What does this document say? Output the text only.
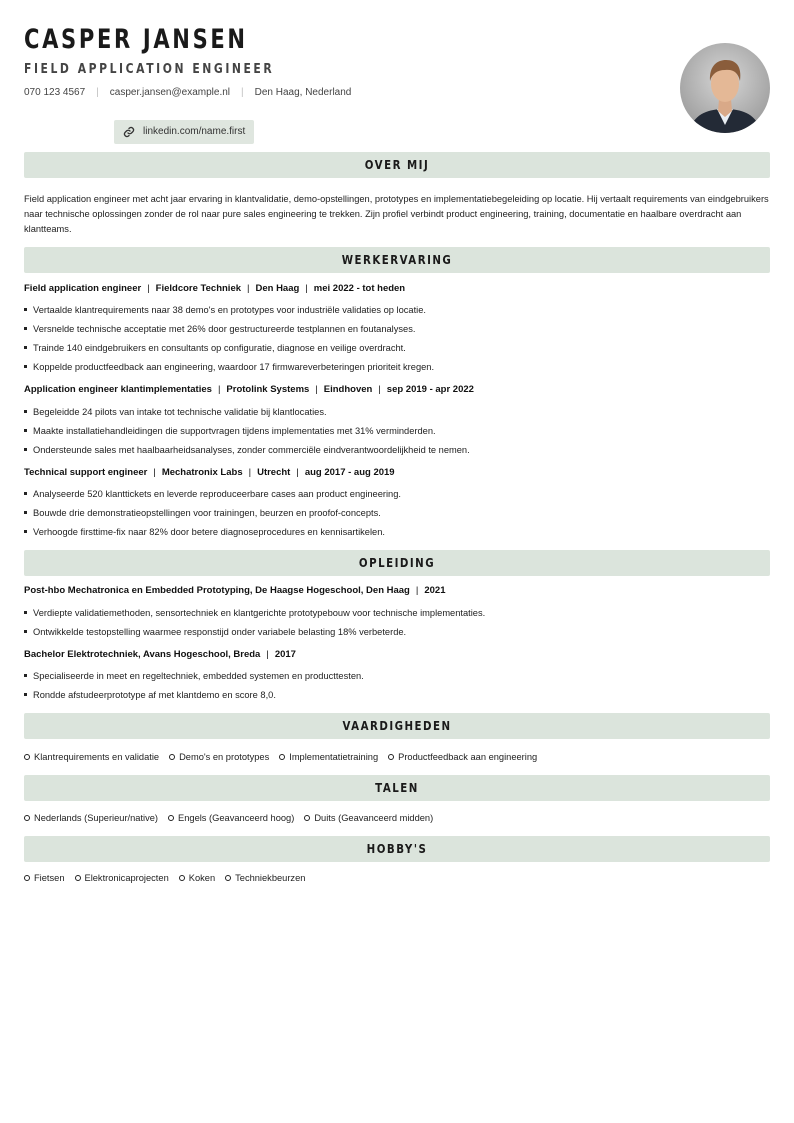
CASPER JANSEN
FIELD APPLICATION ENGINEER
070 123 4567 | casper.jansen@example.nl | Den Haag, Nederland
linkedin.com/name.first
OVER MIJ
Field application engineer met acht jaar ervaring in klantvalidatie, demo-opstellingen, prototypes en implementatiebegeleiding op locatie. Hij vertaalt requirements van eindgebruikers naar technische oplossingen zonder de rol naar pure sales engineering te trekken. Zijn profiel verbindt product engineering, training, documentatie en haalbare overdracht aan klantteams.
WERKERVARING
Field application engineer | Fieldcore Techniek | Den Haag | mei 2022 - tot heden
Vertaalde klantrequirements naar 38 demo's en prototypes voor industriële validaties op locatie.
Versnelde technische acceptatie met 26% door gestructureerde testplannen en foutanalyses.
Trainde 140 eindgebruikers en consultants op configuratie, diagnose en veilige overdracht.
Koppelde productfeedback aan engineering, waardoor 17 firmwareverbeteringen prioriteit kregen.
Application engineer klantimplementaties | Protolink Systems | Eindhoven | sep 2019 - apr 2022
Begeleidde 24 pilots van intake tot technische validatie bij klantlocaties.
Maakte installatiehandleidingen die supportvragen tijdens implementaties met 31% verminderden.
Ondersteunde sales met haalbaarheidsanalyses, zonder commerciële eindverantwoordelijkheid te nemen.
Technical support engineer | Mechatronix Labs | Utrecht | aug 2017 - aug 2019
Analyseerde 520 klanttickets en leverde reproduceerbare cases aan product engineering.
Bouwde drie demonstratieopstellingen voor trainingen, beurzen en proofof-concepts.
Verhoogde firsttime-fix naar 82% door betere diagnoseprocedures en kennisartikelen.
OPLEIDING
Post-hbo Mechatronica en Embedded Prototyping, De Haagse Hogeschool, Den Haag | 2021
Verdiepte validatiemethoden, sensortechniek en klantgerichte prototypebouw voor technische implementaties.
Ontwikkelde testopstelling waarmee responstijd onder variabele belasting 18% verbeterde.
Bachelor Elektrotechniek, Avans Hogeschool, Breda | 2017
Specialiseerde in meet en regeltechniek, embedded systemen en producttesten.
Rondde afstudeerprototype af met klantdemo en score 8,0.
VAARDIGHEDEN
Klantrequirements en validatie Demo's en prototypes Implementatietraining Productfeedback aan engineering
TALEN
Nederlands (Superieur/native) Engels (Geavanceerd hoog) Duits (Geavanceerd midden)
HOBBY'S
Fietsen Elektronicaprojecten Koken Techniekbeurzen
